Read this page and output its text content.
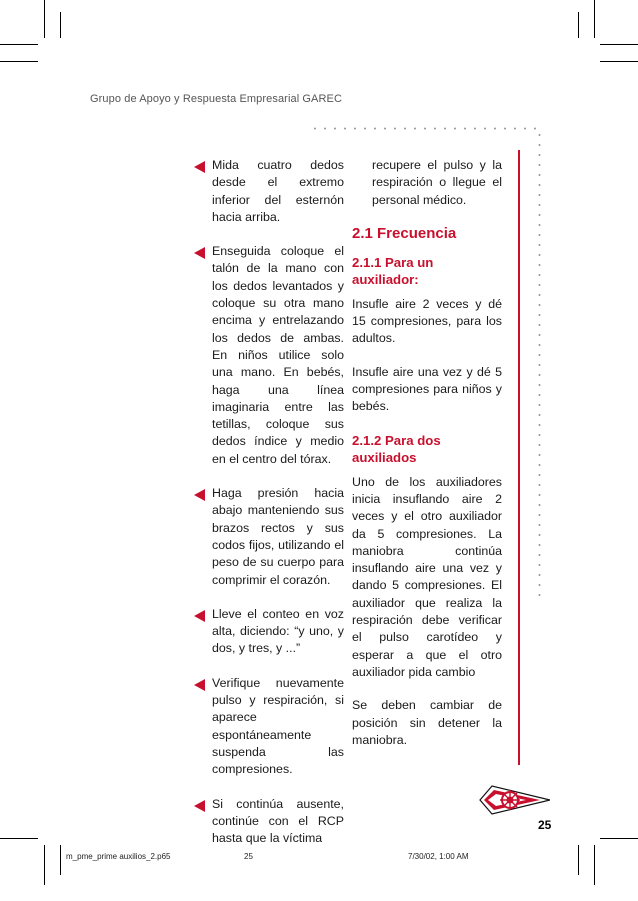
Grupo de Apoyo y Respuesta Empresarial GAREC
Mida cuatro dedos desde el extremo inferior del esternón hacia arriba.
Enseguida coloque el talón de la mano con los dedos levantados y coloque su otra mano encima y entrelazando los dedos de ambas. En niños utilice solo una mano. En bebés, haga una línea imaginaria entre las tetillas, coloque sus dedos índice y medio en el centro del tórax.
Haga presión hacia abajo manteniendo sus brazos rectos y sus codos fijos, utilizando el peso de su cuerpo para comprimir el corazón.
Lleve el conteo en voz alta, diciendo: “y uno, y dos, y tres, y ...”
Verifique nuevamente pulso y respiración, si aparece espontáneamente suspenda las compresiones.
Si continúa ausente, continúe con el RCP hasta que la víctima
recupere el pulso y la respiración o llegue el personal médico.
2.1 Frecuencia
2.1.1 Para un auxiliador:
Insufle aire 2 veces y dé 15 compresiones, para los adultos.
Insufle aire una vez y dé 5 compresiones para niños y bebés.
2.1.2 Para dos auxiliados
Uno de los auxiliadores inicia insuflando aire 2 veces y el otro auxiliador da 5 compresiones. La maniobra continúa insuflando aire una vez y dando 5 compresiones. El auxiliador que realiza la respiración debe verificar el pulso carotídeo y esperar a que el otro auxiliador pida cambio
Se deben cambiar de posición sin detener la maniobra.
25
m_pme_prime auxilios_2.p65	25	7/30/02, 1:00 AM
